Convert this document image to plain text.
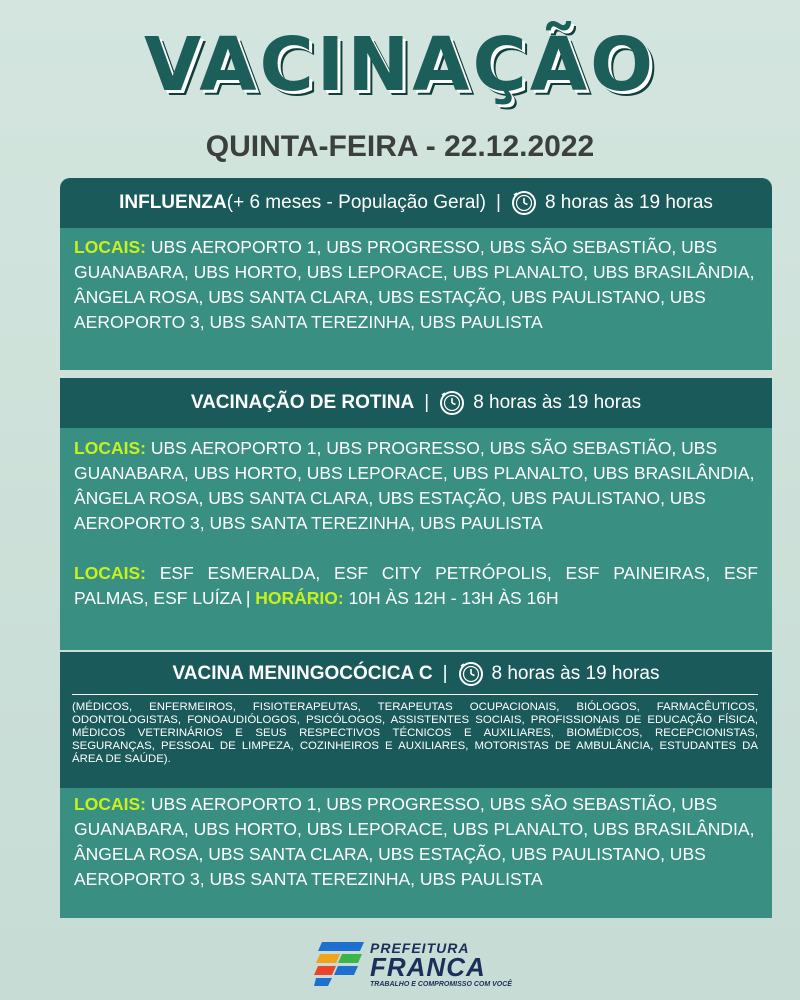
VACINAÇÃO
QUINTA-FEIRA - 22.12.2022
INFLUENZA (+ 6 meses - População Geral) | 8 horas às 19 horas
LOCAIS: UBS AEROPORTO 1, UBS PROGRESSO, UBS SÃO SEBASTIÃO, UBS GUANABARA, UBS HORTO, UBS LEPORACE, UBS PLANALTO, UBS BRASILÂNDIA, ÂNGELA ROSA, UBS SANTA CLARA, UBS ESTAÇÃO, UBS PAULISTANO, UBS AEROPORTO 3, UBS SANTA TEREZINHA, UBS PAULISTA
VACINAÇÃO DE ROTINA | 8 horas às 19 horas
LOCAIS: UBS AEROPORTO 1, UBS PROGRESSO, UBS SÃO SEBASTIÃO, UBS GUANABARA, UBS HORTO, UBS LEPORACE, UBS PLANALTO, UBS BRASILÂNDIA, ÂNGELA ROSA, UBS SANTA CLARA, UBS ESTAÇÃO, UBS PAULISTANO, UBS AEROPORTO 3, UBS SANTA TEREZINHA, UBS PAULISTA
LOCAIS: ESF ESMERALDA, ESF CITY PETRÓPOLIS, ESF PAINEIRAS, ESF PALMAS, ESF LUÍZA | HORÁRIO: 10H ÀS 12H - 13H ÀS 16H
VACINA MENINGOCÓCICA C | 8 horas às 19 horas
(MÉDICOS, ENFERMEIROS, FISIOTERAPEUTAS, TERAPEUTAS OCUPACIONAIS, BIÓLOGOS, FARMACÊUTICOS, ODONTOLOGISTAS, FONOAUDIÓLOGOS, PSICÓLOGOS, ASSISTENTES SOCIAIS, PROFISSIONAIS DE EDUCAÇÃO FÍSICA, MÉDICOS VETERINÁRIOS E SEUS RESPECTIVOS TÉCNICOS E AUXILIARES, BIOMÉDICOS, RECEPCIONISTAS, SEGURANÇAS, PESSOAL DE LIMPEZA, COZINHEIROS E AUXILIARES, MOTORISTAS DE AMBULÂNCIA, ESTUDANTES DA ÁREA DE SAÚDE).
LOCAIS: UBS AEROPORTO 1, UBS PROGRESSO, UBS SÃO SEBASTIÃO, UBS GUANABARA, UBS HORTO, UBS LEPORACE, UBS PLANALTO, UBS BRASILÂNDIA, ÂNGELA ROSA, UBS SANTA CLARA, UBS ESTAÇÃO, UBS PAULISTANO, UBS AEROPORTO 3, UBS SANTA TEREZINHA, UBS PAULISTA
PREFEITURA
FRANCA
TRABALHO E COMPROMISSO COM VOCÊ
